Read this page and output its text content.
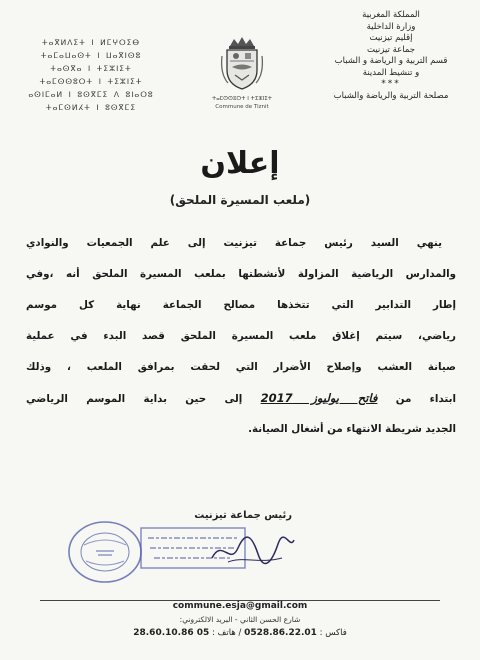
المملكة المغربية
وزارة الداخلية
إقليم تيزنيت
جماعة تيزنيت
قسم التربية و الرياضة و الشباب
و تنشيط المدينة
***
مصلحة التربية والرياضة والشباب
ⵜⴰⴳⵍⴷⵉⵜ ⵏ ⵍⵎⵖⵔⵉⴱ
ⵜⴰⵎⴰⵡⴰⵙⵜ ⵏ ⵡⴰⴳⵏⵙⵓ
ⵜⴰⵙⴳⴰ ⵏ ⵜⵉⵣⵏⵉⵜ
ⵜⴰⵎⵙⵙⵓⵔⵜ ⵏ ⵜⵉⵣⵏⵉⵜ
ⴰⵙⵏⵎⴰⵍ ⵏ ⵓⵙⴳⵎⵉ ⴷ ⵓⵏⴰⵔⵓ
ⵜⴰⵎⵙⵍⵃⵜ ⵏ ⵓⵙⴳⵎⵉ
ⵜⴰⵎⵙⵙⵓⵔⵜ ⵏ ⵜⵉⵣⵏⵉⵜ
Commune de Tiznit
إعلان
(ملعب المسيرة الملحق)
ينهي السيد رئيس جماعة تيزنيت إلى علم الجمعيات والنوادي
والمدارس الرياضية المزاولة لأنشطتها بملعب المسيرة الملحق أنه ،وفي
إطار التدابير التي تتخذها مصالح الجماعة نهاية كل موسم
رياضي، سيتم إغلاق ملعب المسيرة الملحق قصد البدء في عملية
صيانة العشب وإصلاح الأضرار التي لحقت بمرافق الملعب ، وذلك
ابتداء من فاتح يوليوز 2017 إلى حين بداية الموسم الرياضي
الجديد شريطة الانتهاء من أشغال الصيانة.
رئيس جماعة تيزنيت
commune.esja@gmail.com
شارع الحسن الثاني - البريد الالكتروني:
فاكس : 0528.86.22.01 / هاتف : 05 28.60.10.86
